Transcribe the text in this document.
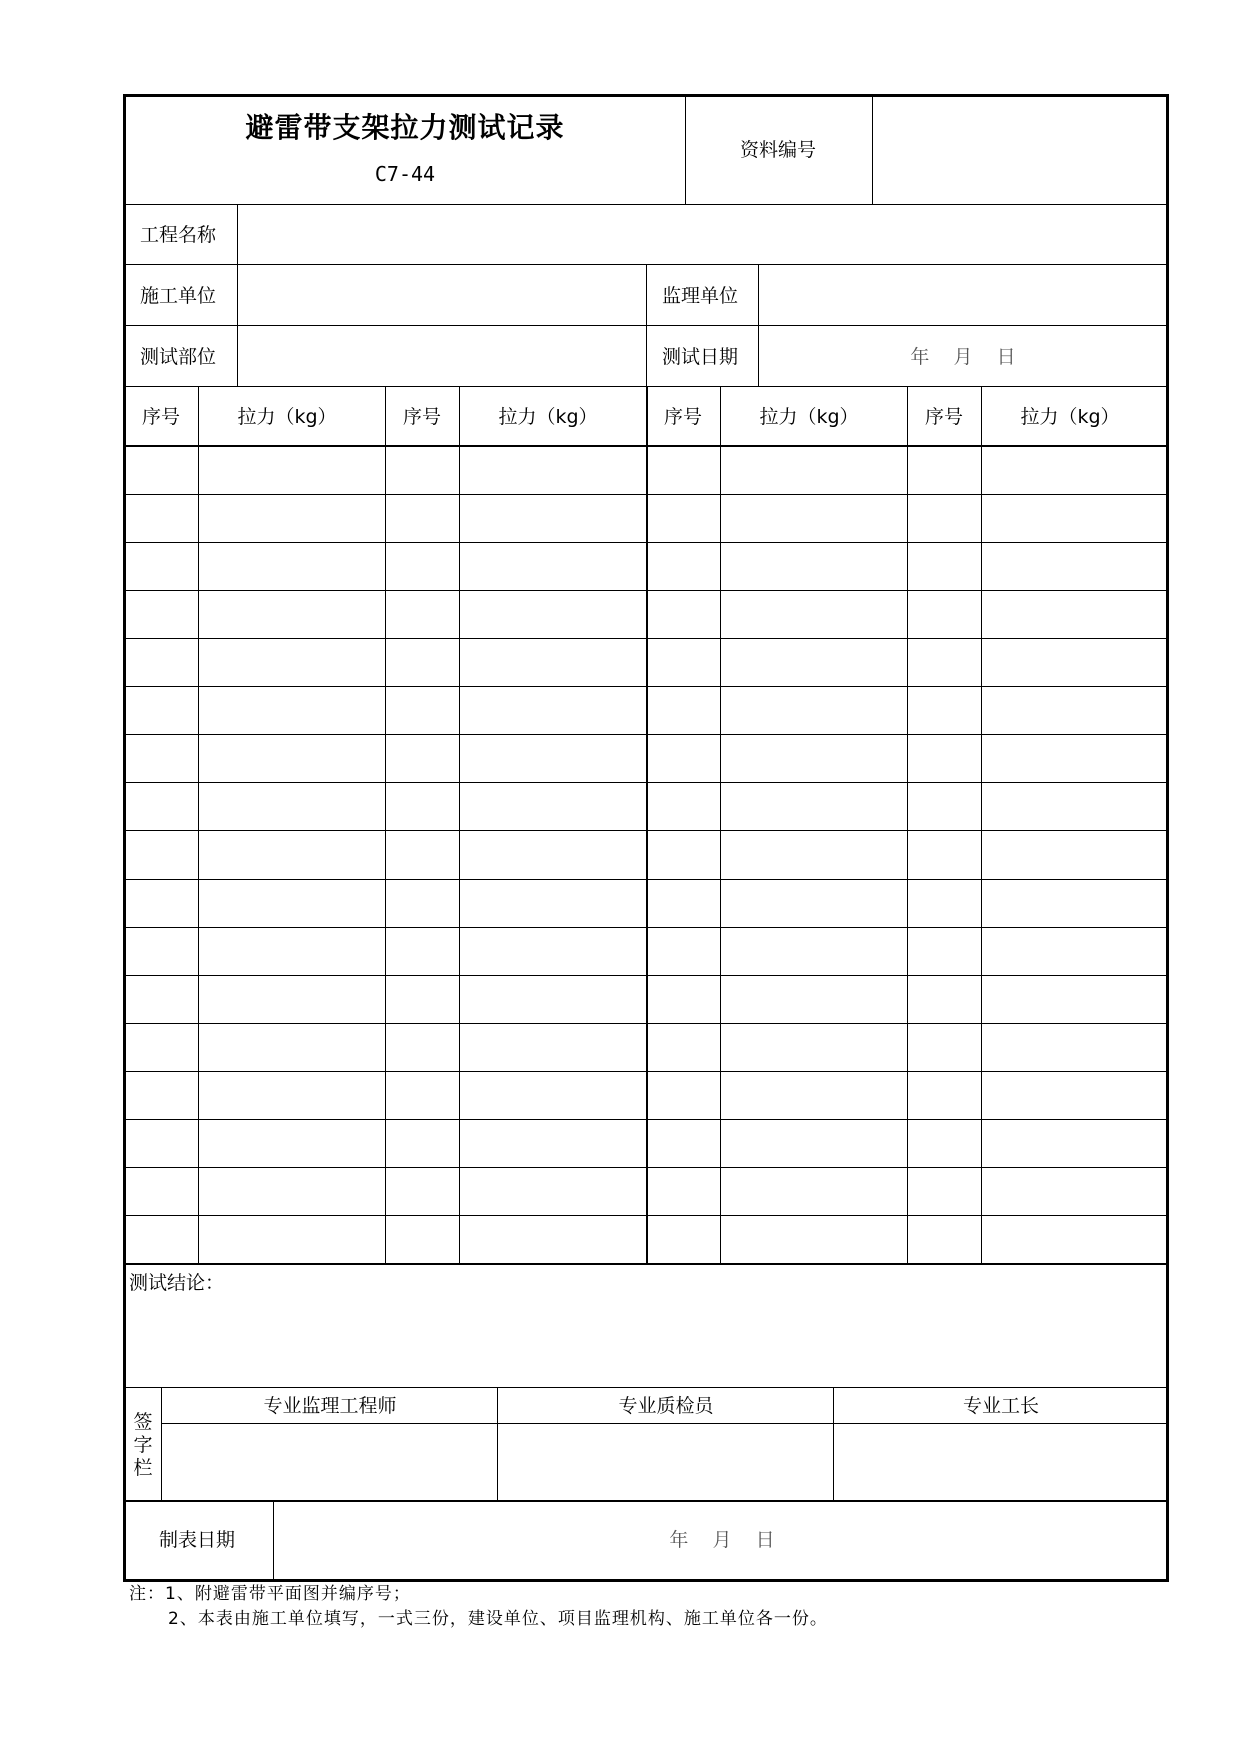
避雷带支架拉力测试记录
C7-44
资料编号
工程名称
施工单位	监理单位
测试部位	测试日期	年    月    日
序号	拉力（kg）	序号	拉力（kg）	序号	拉力（kg）	序号	拉力（kg）
测试结论：
签字栏
专业监理工程师	专业质检员	专业工长
制表日期	年    月    日
注：1、附避雷带平面图并编序号；
2、本表由施工单位填写，一式三份，建设单位、项目监理机构、施工单位各一份。
